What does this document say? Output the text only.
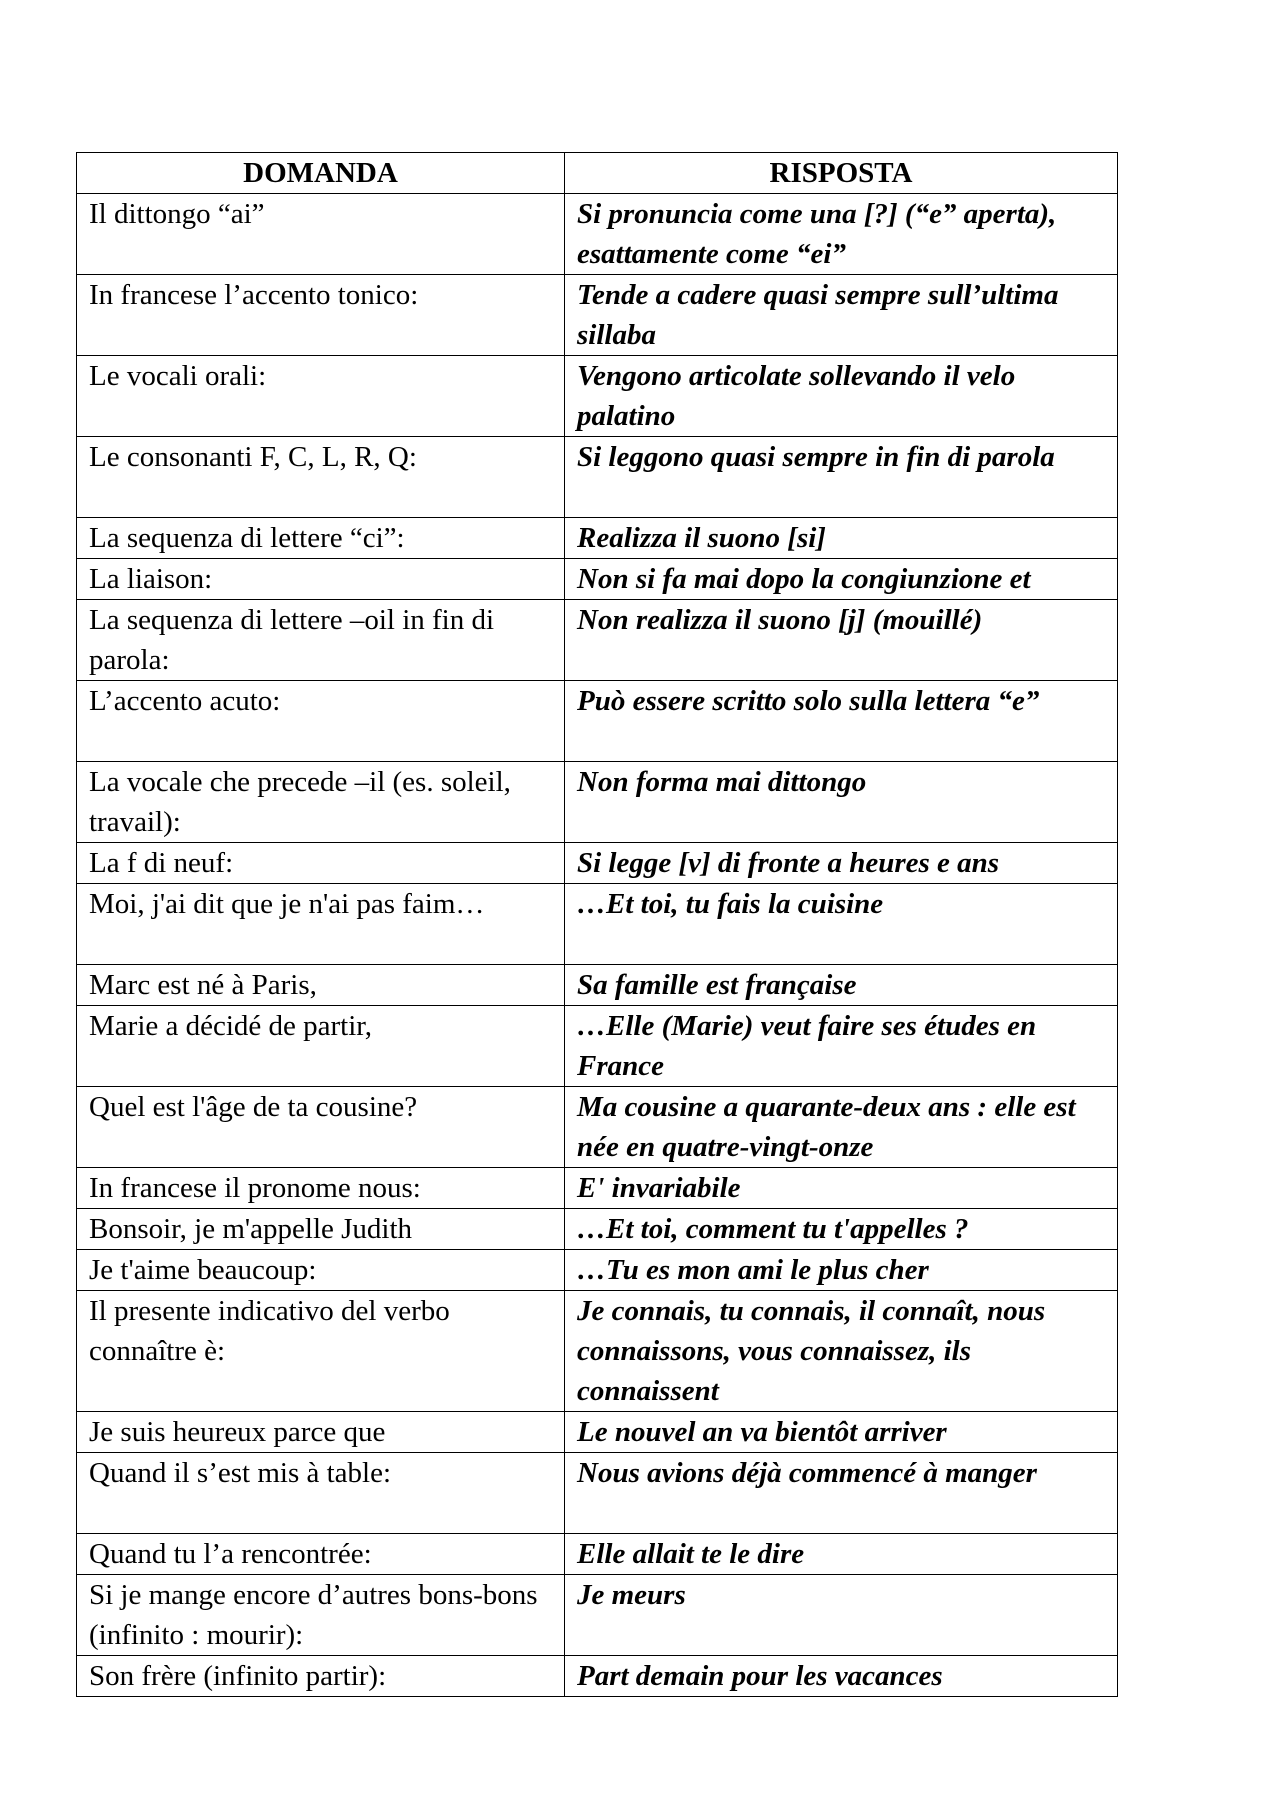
DOMANDA	RISPOSTA
Il dittongo “ai”	Si pronuncia come una [?] (“e” aperta), esattamente come “ei”
In francese l’accento tonico:	Tende a cadere quasi sempre sull’ultima sillaba
Le vocali orali:	Vengono articolate sollevando il velo palatino
Le consonanti F, C, L, R, Q:	Si leggono quasi sempre in fin di parola
La sequenza di lettere “ci”:	Realizza il suono [si]
La liaison:	Non si fa mai dopo la congiunzione et
La sequenza di lettere –oil in fin di parola:	Non realizza il suono [j] (mouillé)
L’accento acuto:	Può essere scritto solo sulla lettera “e”
La vocale che precede –il (es. soleil, travail):	Non forma mai dittongo
La f di neuf:	Si legge [v] di fronte a heures e ans
Moi, j'ai dit que je n'ai pas faim…	…Et toi, tu fais la cuisine
Marc est né à Paris,	Sa famille est française
Marie a décidé de partir,	…Elle (Marie) veut faire ses études en France
Quel est l'âge de ta cousine?	Ma cousine a quarante-deux ans : elle est née en quatre-vingt-onze
In francese il pronome nous:	E' invariabile
Bonsoir, je m'appelle Judith	…Et toi, comment tu t'appelles ?
Je t'aime beaucoup:	…Tu es mon ami le plus cher
Il presente indicativo del verbo connaître è:	Je connais, tu connais, il connaît, nous connaissons, vous connaissez, ils connaissent
Je suis heureux parce que	Le nouvel an va bientôt arriver
Quand il s’est mis à table:	Nous avions déjà commencé à manger
Quand tu l’a rencontrée:	Elle allait te le dire
Si je mange encore d’autres bons-bons (infinito : mourir):	Je meurs
Son frère (infinito partir):	Part demain pour les vacances
